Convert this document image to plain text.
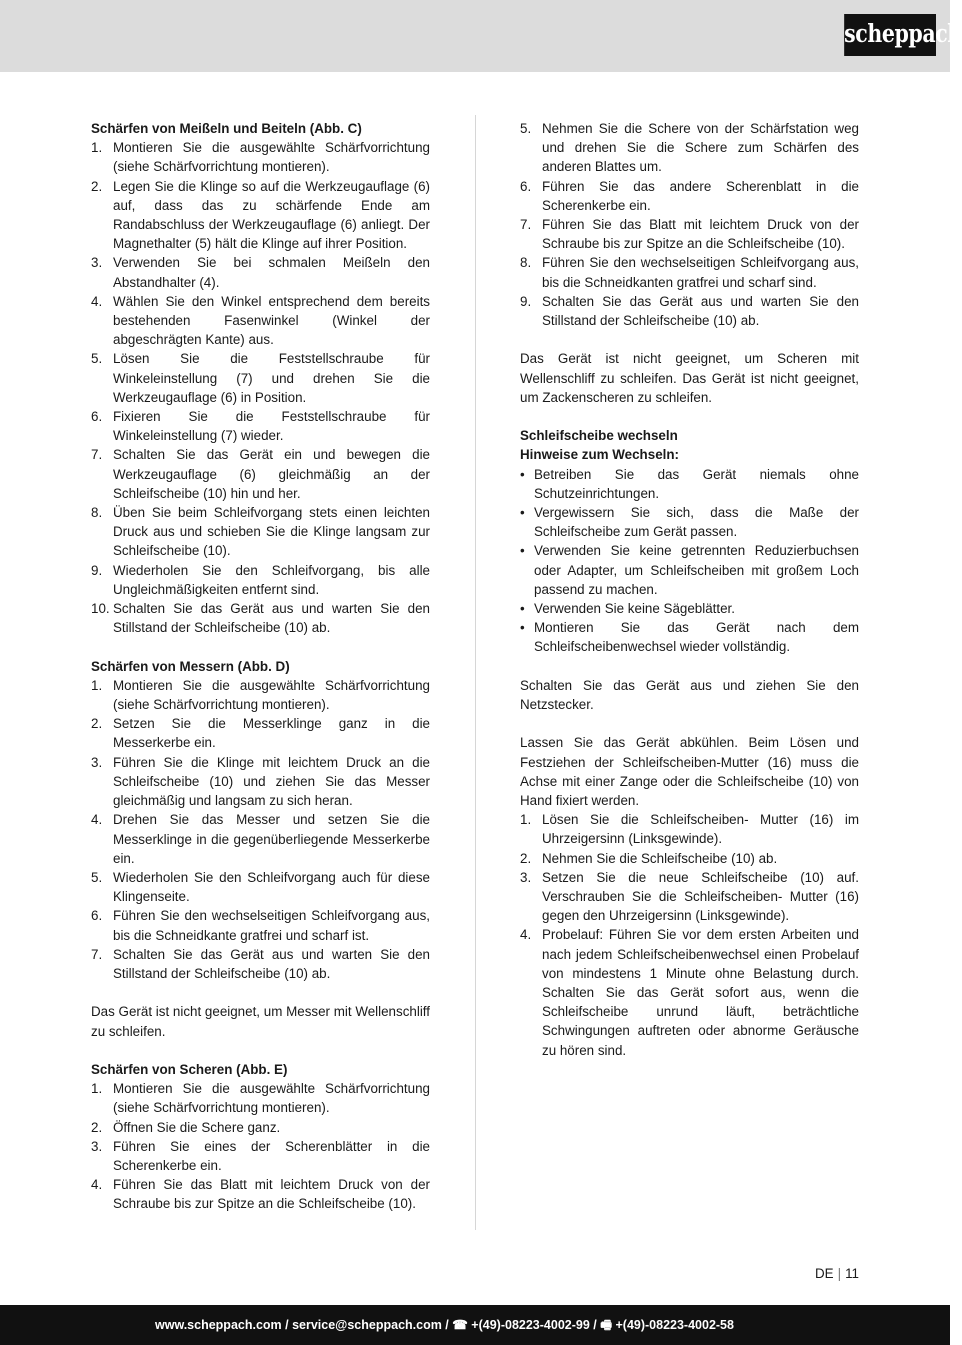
scheppach
Schärfen von Meißeln und Beiteln (Abb. C)
1. Montieren Sie die ausgewählte Schärfvorrichtung (siehe Schärfvorrichtung montieren).
2. Legen Sie die Klinge so auf die Werkzeugauflage (6) auf, dass das zu schärfende Ende am Randabschluss der Werkzeugauflage (6) anliegt. Der Magnethalter (5) hält die Klinge auf ihrer Position.
3. Verwenden Sie bei schmalen Meißeln den Abstandhalter (4).
4. Wählen Sie den Winkel entsprechend dem bereits bestehenden Fasenwinkel (Winkel der abgeschrägten Kante) aus.
5. Lösen Sie die Feststellschraube für Winkeleinstellung (7) und drehen Sie die Werkzeugauflage (6) in Position.
6. Fixieren Sie die Feststellschraube für Winkeleinstellung (7) wieder.
7. Schalten Sie das Gerät ein und bewegen die Werkzeugauflage (6) gleichmäßig an der Schleifscheibe (10) hin und her.
8. Üben Sie beim Schleifvorgang stets einen leichten Druck aus und schieben Sie die Klinge langsam zur Schleifscheibe (10).
9. Wiederholen Sie den Schleifvorgang, bis alle Ungleichmäßigkeiten entfernt sind.
10. Schalten Sie das Gerät aus und warten Sie den Stillstand der Schleifscheibe (10) ab.
Schärfen von Messern (Abb. D)
1. Montieren Sie die ausgewählte Schärfvorrichtung (siehe Schärfvorrichtung montieren).
2. Setzen Sie die Messerklinge ganz in die Messerkerbe ein.
3. Führen Sie die Klinge mit leichtem Druck an die Schleifscheibe (10) und ziehen Sie das Messer gleichmäßig und langsam zu sich heran.
4. Drehen Sie das Messer und setzen Sie die Messerklinge in die gegenüberliegende Messerkerbe ein.
5. Wiederholen Sie den Schleifvorgang auch für diese Klingenseite.
6. Führen Sie den wechselseitigen Schleifvorgang aus, bis die Schneidkante gratfrei und scharf ist.
7. Schalten Sie das Gerät aus und warten Sie den Stillstand der Schleifscheibe (10) ab.
Das Gerät ist nicht geeignet, um Messer mit Wellenschliff zu schleifen.
Schärfen von Scheren (Abb. E)
1. Montieren Sie die ausgewählte Schärfvorrichtung (siehe Schärfvorrichtung montieren).
2. Öffnen Sie die Schere ganz.
3. Führen Sie eines der Scherenblätter in die Scherenkerbe ein.
4. Führen Sie das Blatt mit leichtem Druck von der Schraube bis zur Spitze an die Schleifscheibe (10).
5. Nehmen Sie die Schere von der Schärfstation weg und drehen Sie die Schere zum Schärfen des anderen Blattes um.
6. Führen Sie das andere Scherenblatt in die Scherenkerbe ein.
7. Führen Sie das Blatt mit leichtem Druck von der Schraube bis zur Spitze an die Schleifscheibe (10).
8. Führen Sie den wechselseitigen Schleifvorgang aus, bis die Schneidkanten gratfrei und scharf sind.
9. Schalten Sie das Gerät aus und warten Sie den Stillstand der Schleifscheibe (10) ab.
Das Gerät ist nicht geeignet, um Scheren mit Wellenschliff zu schleifen. Das Gerät ist nicht geeignet, um Zackenscheren zu schleifen.
Schleifscheibe wechseln
Hinweise zum Wechseln:
• Betreiben Sie das Gerät niemals ohne Schutzeinrichtungen.
• Vergewissern Sie sich, dass die Maße der Schleifscheibe zum Gerät passen.
• Verwenden Sie keine getrennten Reduzierbuchsen oder Adapter, um Schleifscheiben mit großem Loch passend zu machen.
• Verwenden Sie keine Sägeblätter.
• Montieren Sie das Gerät nach dem Schleifscheibenwechsel wieder vollständig.
Schalten Sie das Gerät aus und ziehen Sie den Netzstecker.
Lassen Sie das Gerät abkühlen. Beim Lösen und Festziehen der Schleifscheiben-Mutter (16) muss die Achse mit einer Zange oder die Schleifscheibe (10) von Hand fixiert werden.
1. Lösen Sie die Schleifscheiben- Mutter (16) im Uhrzeigersinn (Linksgewinde).
2. Nehmen Sie die Schleifscheibe (10) ab.
3. Setzen Sie die neue Schleifscheibe (10) auf. Verschrauben Sie die Schleifscheiben- Mutter (16) gegen den Uhrzeigersinn (Linksgewinde).
4. Probelauf: Führen Sie vor dem ersten Arbeiten und nach jedem Schleifscheibenwechsel einen Probelauf von mindestens 1 Minute ohne Belastung durch. Schalten Sie das Gerät sofort aus, wenn die Schleifscheibe unrund läuft, beträchtliche Schwingungen auftreten oder abnorme Geräusche zu hören sind.
DE | 11
www.scheppach.com / service@scheppach.com / ☎ +(49)-08223-4002-99 / 🖷 +(49)-08223-4002-58
